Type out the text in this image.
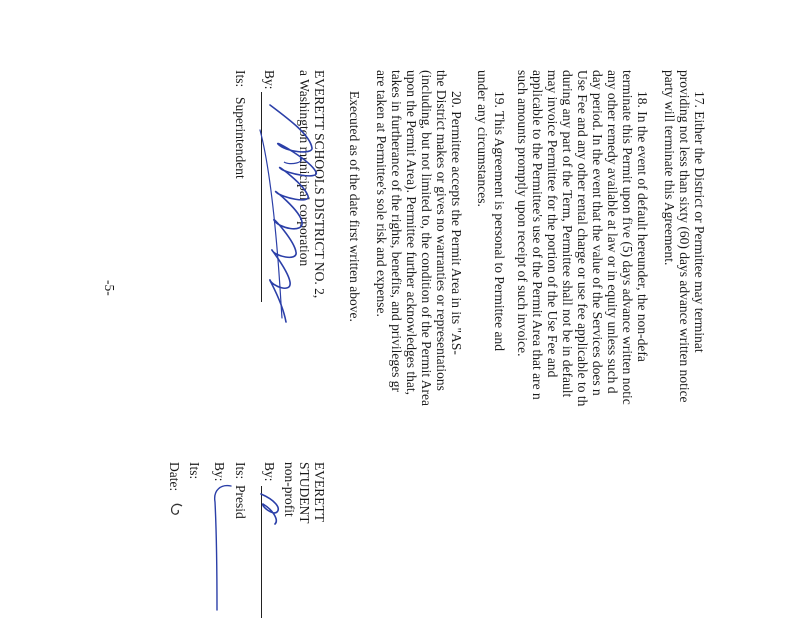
17. Either the District or Permittee may terminat
providing not less than sixty (60) days advance written notice
party will terminate this Agreement.
18. In the event of default hereunder, the non-defa
terminate this Permit upon five (5) days advance written notic
any other remedy available at law or in equity unless such d
day period. In the event that the value of the Services does n
Use Fee and any other rental charge or use fee applicable to th
during any part of the Term, Permittee shall not be in default
may invoice Permittee for the portion of the Use Fee and
applicable to the Permittee's use of the Permit Area that are n
such amounts promptly upon receipt of such invoice.
19. This Agreement is personal to Permittee and
under any circumstances.
20. Permittee accepts the Permit Area in its "AS-
the District makes or gives no warranties or representations
(including, but not limited to, the condition of the Permit Area
upon the Permit Area). Permittee further acknowledges that,
takes in furtherance of the rights, benefits, and privileges gr
are taken at Permittee's sole risk and expense.
Executed as of the date first written above.
EVERETT SCHOOLS DISTRICT NO. 2,
a Washington municipal corporation
By:
Its:
Superintendent
EVERETT
STUDENT
non-profit
By:
Its:
Presid
By:
Its:
Date:
-5-
